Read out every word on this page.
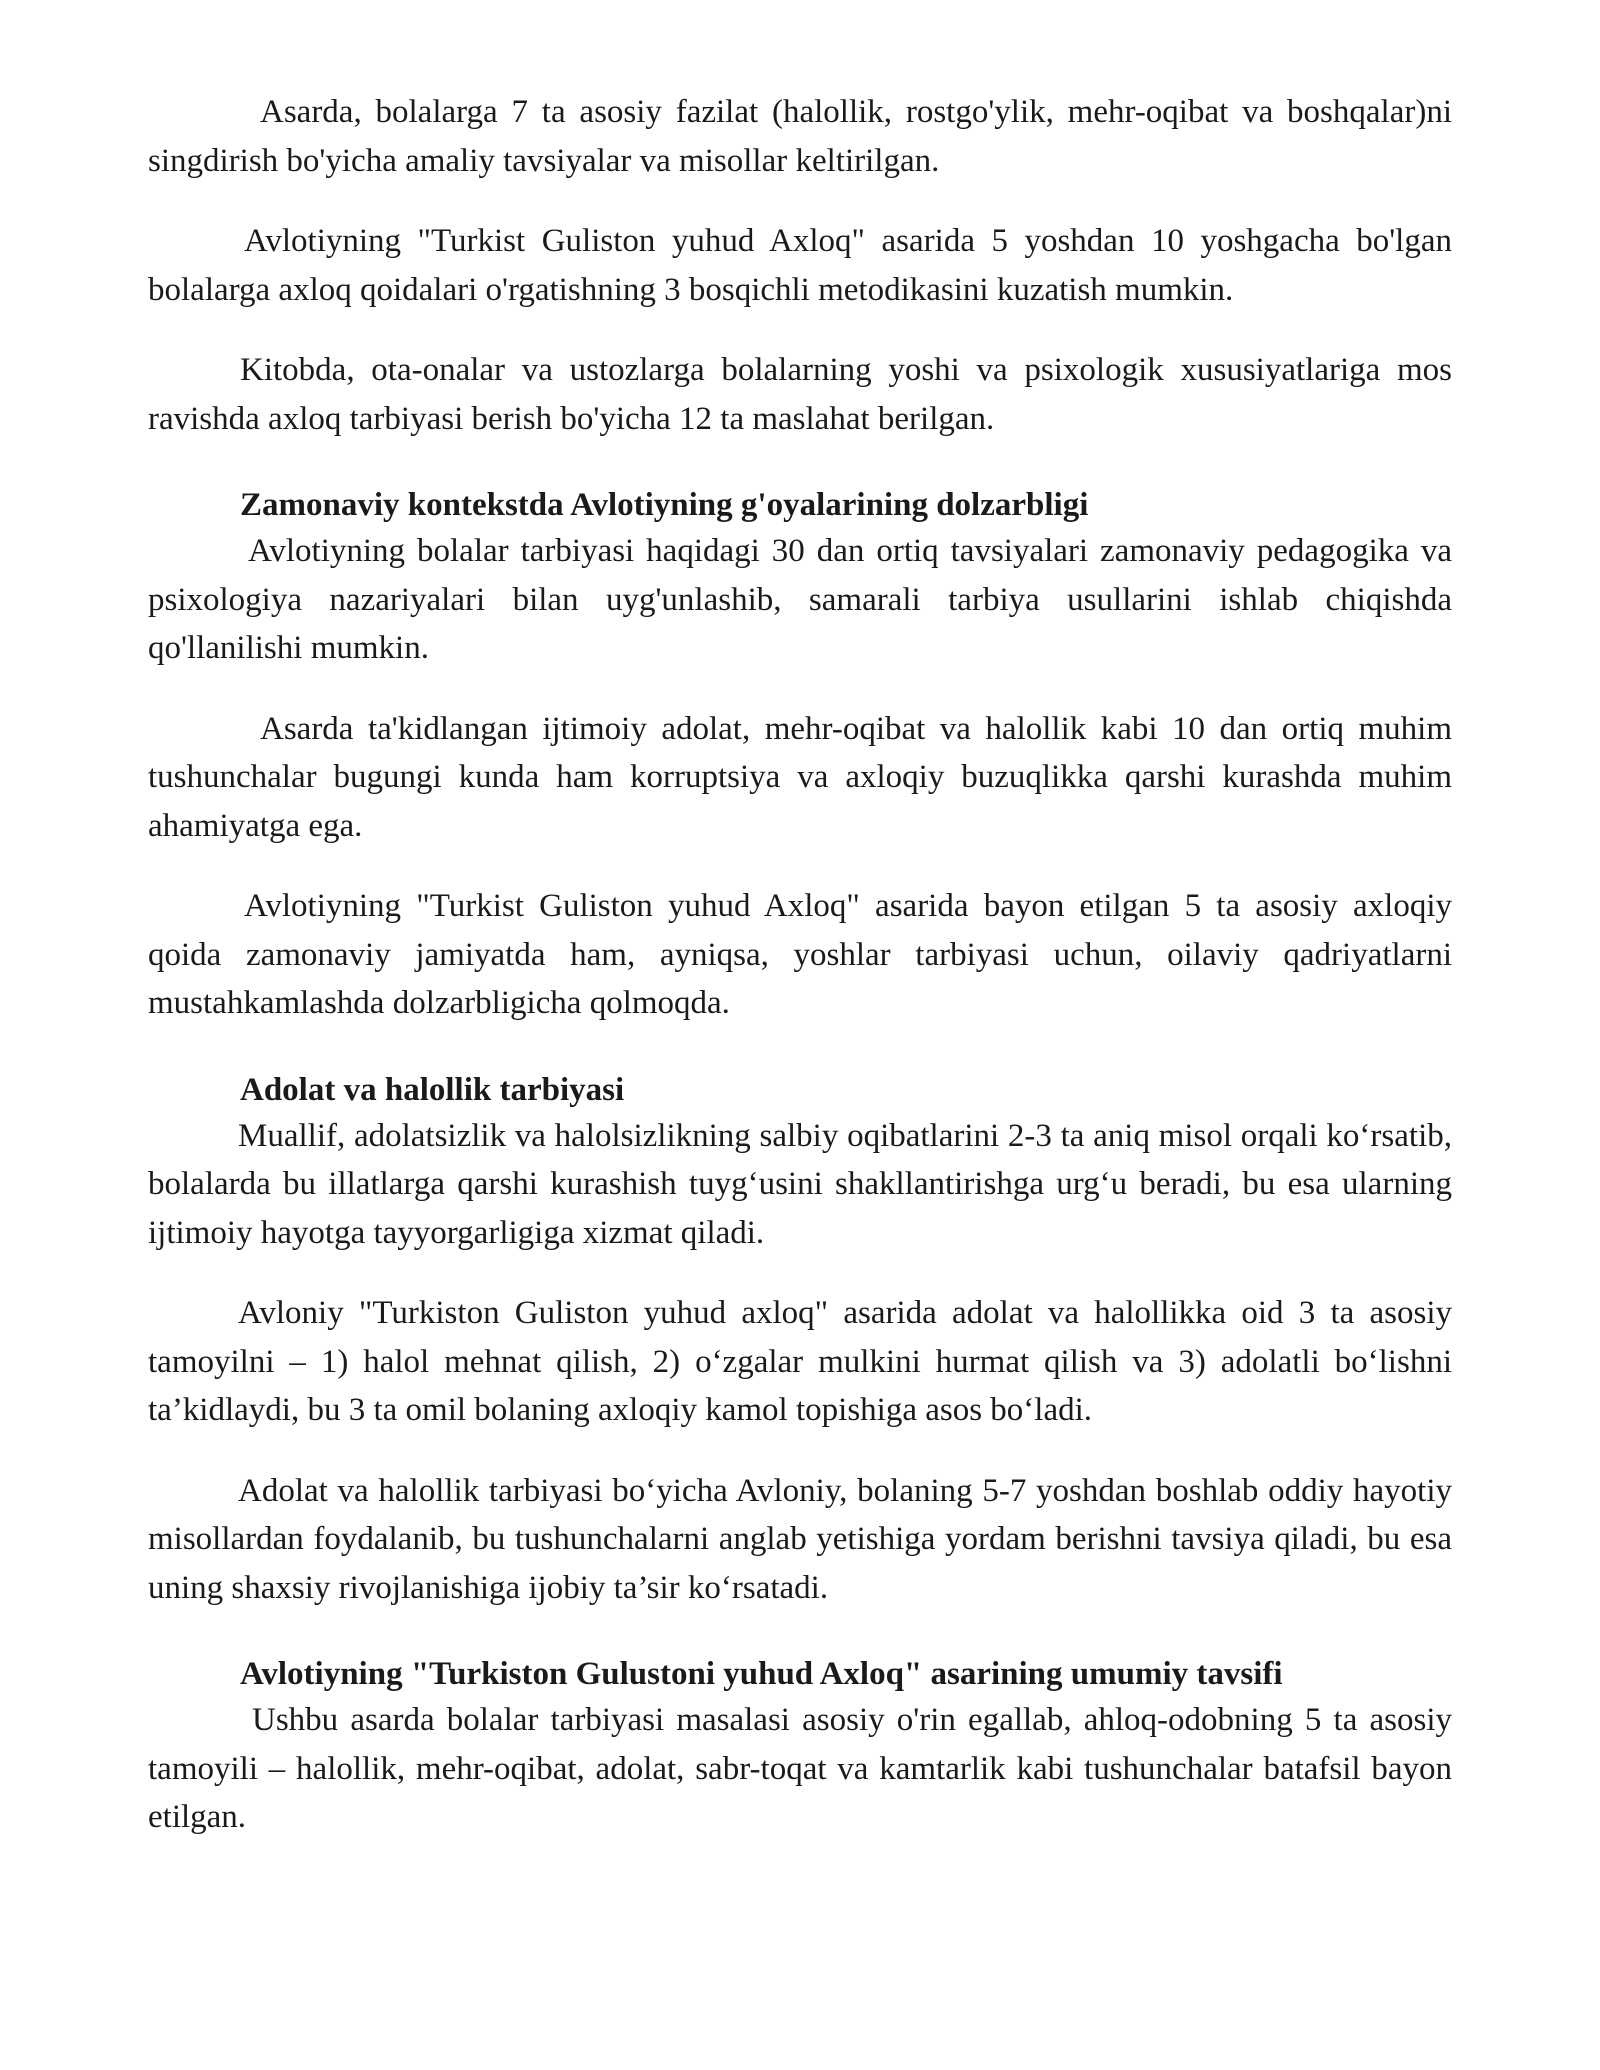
Asarda, bolalarga 7 ta asosiy fazilat (halollik, rostgo'ylik, mehr-oqibat va boshqalar)ni singdirish bo'yicha amaliy tavsiyalar va misollar keltirilgan.

Avlotiyning "Turkist Guliston yuhud Axloq" asarida 5 yoshdan 10 yoshgacha bo'lgan bolalarga axloq qoidalari o'rgatishning 3 bosqichli metodikasini kuzatish mumkin.

Kitobda, ota-onalar va ustozlarga bolalarning yoshi va psixologik xususiyatlariga mos ravishda axloq tarbiyasi berish bo'yicha 12 ta maslahat berilgan.

Zamonaviy kontekstda Avlotiyning g'oyalarining dolzarbligi

Avlotiyning bolalar tarbiyasi haqidagi 30 dan ortiq tavsiyalari zamonaviy pedagogika va psixologiya nazariyalari bilan uyg'unlashib, samarali tarbiya usullarini ishlab chiqishda qo'llanilishi mumkin.

Asarda ta'kidlangan ijtimoiy adolat, mehr-oqibat va halollik kabi 10 dan ortiq muhim tushunchalar bugungi kunda ham korruptsiya va axloqiy buzuqlikka qarshi kurashda muhim ahamiyatga ega.

Avlotiyning "Turkist Guliston yuhud Axloq" asarida bayon etilgan 5 ta asosiy axloqiy qoida zamonaviy jamiyatda ham, ayniqsa, yoshlar tarbiyasi uchun, oilaviy qadriyatlarni mustahkamlashda dolzarbligicha qolmoqda.

Adolat va halollik tarbiyasi

Muallif, adolatsizlik va halolsizlikning salbiy oqibatlarini 2-3 ta aniq misol orqali ko‘rsatib, bolalarda bu illatlarga qarshi kurashish tuyg‘usini shakllantirishga urg‘u beradi, bu esa ularning ijtimoiy hayotga tayyorgarligiga xizmat qiladi.

Avloniy "Turkiston Guliston yuhud axloq" asarida adolat va halollikka oid 3 ta asosiy tamoyilni – 1) halol mehnat qilish, 2) o‘zgalar mulkini hurmat qilish va 3) adolatli bo‘lishni ta’kidlaydi, bu 3 ta omil bolaning axloqiy kamol topishiga asos bo‘ladi.

Adolat va halollik tarbiyasi bo‘yicha Avloniy, bolaning 5-7 yoshdan boshlab oddiy hayotiy misollardan foydalanib, bu tushunchalarni anglab yetishiga yordam berishni tavsiya qiladi, bu esa uning shaxsiy rivojlanishiga ijobiy ta’sir ko‘rsatadi.

Avlotiyning "Turkiston Gulustoni yuhud Axloq" asarining umumiy tavsifi

Ushbu asarda bolalar tarbiyasi masalasi asosiy o'rin egallab, ahloq-odobning 5 ta asosiy tamoyili – halollik, mehr-oqibat, adolat, sabr-toqat va kamtarlik kabi tushunchalar batafsil bayon etilgan.
